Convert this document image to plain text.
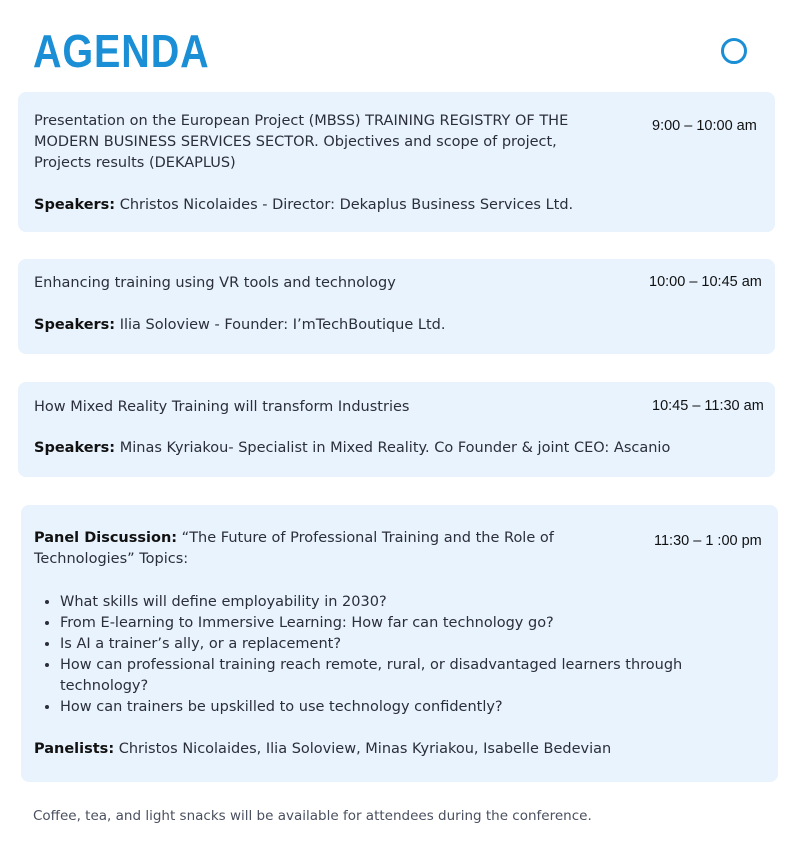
AGENDA
Presentation on the European Project (MBSS) TRAINING REGISTRY OF THE
MODERN BUSINESS SERVICES SECTOR. Objectives and scope of project,
Projects results (DEKAPLUS)
9:00 – 10:00 am
Speakers: Christos Nicolaides - Director: Dekaplus Business Services Ltd.
Enhancing training using VR tools and technology	10:00 – 10:45 am
Speakers: Ilia Soloview - Founder: I’mTechBoutique Ltd.
How Mixed Reality Training will transform Industries	10:45 – 11:30 am
Speakers: Minas Kyriakou- Specialist in Mixed Reality. Co Founder & joint CEO: Ascanio
Panel Discussion: “The Future of Professional Training and the Role of
Technologies” Topics:
11:30 – 1 :00 pm
• What skills will define employability in 2030?
• From E-learning to Immersive Learning: How far can technology go?
• Is AI a trainer’s ally, or a replacement?
• How can professional training reach remote, rural, or disadvantaged learners through technology?
• How can trainers be upskilled to use technology confidently?
Panelists: Christos Nicolaides, Ilia Soloview, Minas Kyriakou, Isabelle Bedevian
Coffee, tea, and light snacks will be available for attendees during the conference.
